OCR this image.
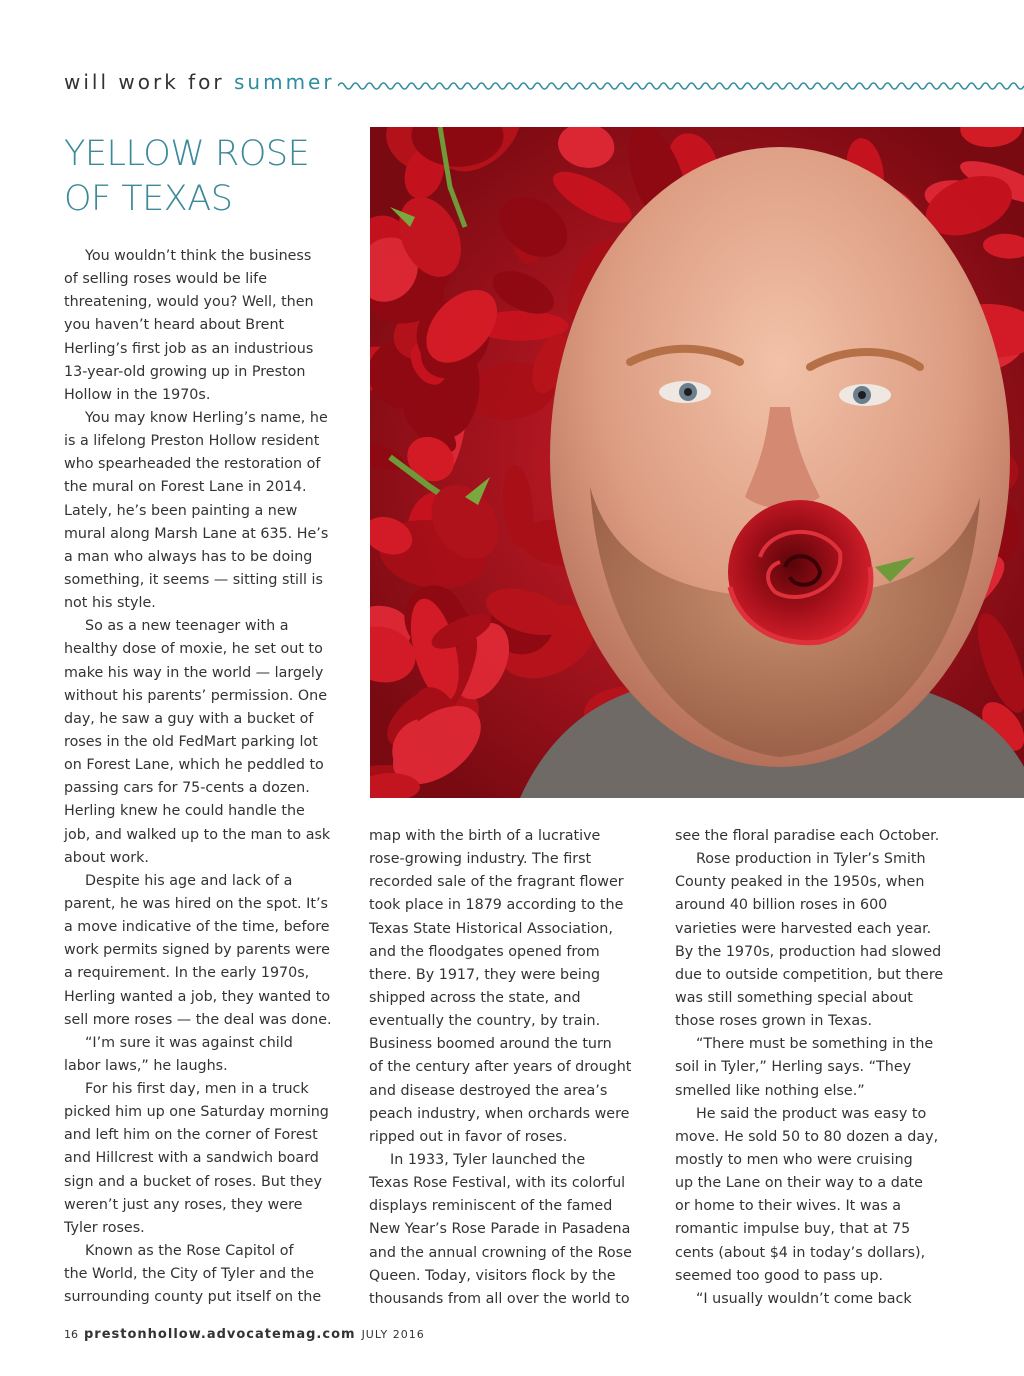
will work for summer
YELLOW ROSE
OF TEXAS
You wouldn’t think the business
of selling roses would be life
threatening, would you? Well, then
you haven’t heard about Brent
Herling’s first job as an industrious
13-year-old growing up in Preston
Hollow in the 1970s.
You may know Herling’s name, he
is a lifelong Preston Hollow resident
who spearheaded the restoration of
the mural on Forest Lane in 2014.
Lately, he’s been painting a new
mural along Marsh Lane at 635. He’s
a man who always has to be doing
something, it seems — sitting still is
not his style.
So as a new teenager with a
healthy dose of moxie, he set out to
make his way in the world — largely
without his parents’ permission. One
day, he saw a guy with a bucket of
roses in the old FedMart parking lot
on Forest Lane, which he peddled to
passing cars for 75-cents a dozen.
Herling knew he could handle the
job, and walked up to the man to ask
about work.
Despite his age and lack of a
parent, he was hired on the spot. It’s
a move indicative of the time, before
work permits signed by parents were
a requirement. In the early 1970s,
Herling wanted a job, they wanted to
sell more roses — the deal was done.
“I’m sure it was against child
labor laws,” he laughs.
For his first day, men in a truck
picked him up one Saturday morning
and left him on the corner of Forest
and Hillcrest with a sandwich board
sign and a bucket of roses. But they
weren’t just any roses, they were
Tyler roses.
Known as the Rose Capitol of
the World, the City of Tyler and the
surrounding county put itself on the
map with the birth of a lucrative
rose-growing industry. The first
recorded sale of the fragrant flower
took place in 1879 according to the
Texas State Historical Association,
and the floodgates opened from
there. By 1917, they were being
shipped across the state, and
eventually the country, by train.
Business boomed around the turn
of the century after years of drought
and disease destroyed the area’s
peach industry, when orchards were
ripped out in favor of roses.
In 1933, Tyler launched the
Texas Rose Festival, with its colorful
displays reminiscent of the famed
New Year’s Rose Parade in Pasadena
and the annual crowning of the Rose
Queen. Today, visitors flock by the
thousands from all over the world to
see the floral paradise each October.
Rose production in Tyler’s Smith
County peaked in the 1950s, when
around 40 billion roses in 600
varieties were harvested each year.
By the 1970s, production had slowed
due to outside competition, but there
was still something special about
those roses grown in Texas.
“There must be something in the
soil in Tyler,” Herling says. “They
smelled like nothing else.”
He said the product was easy to
move. He sold 50 to 80 dozen a day,
mostly to men who were cruising
up the Lane on their way to a date
or home to their wives. It was a
romantic impulse buy, that at 75
cents (about $4 in today’s dollars),
seemed too good to pass up.
“I usually wouldn’t come back
16 prestonhollow.advocatemag.com JULY 2016
